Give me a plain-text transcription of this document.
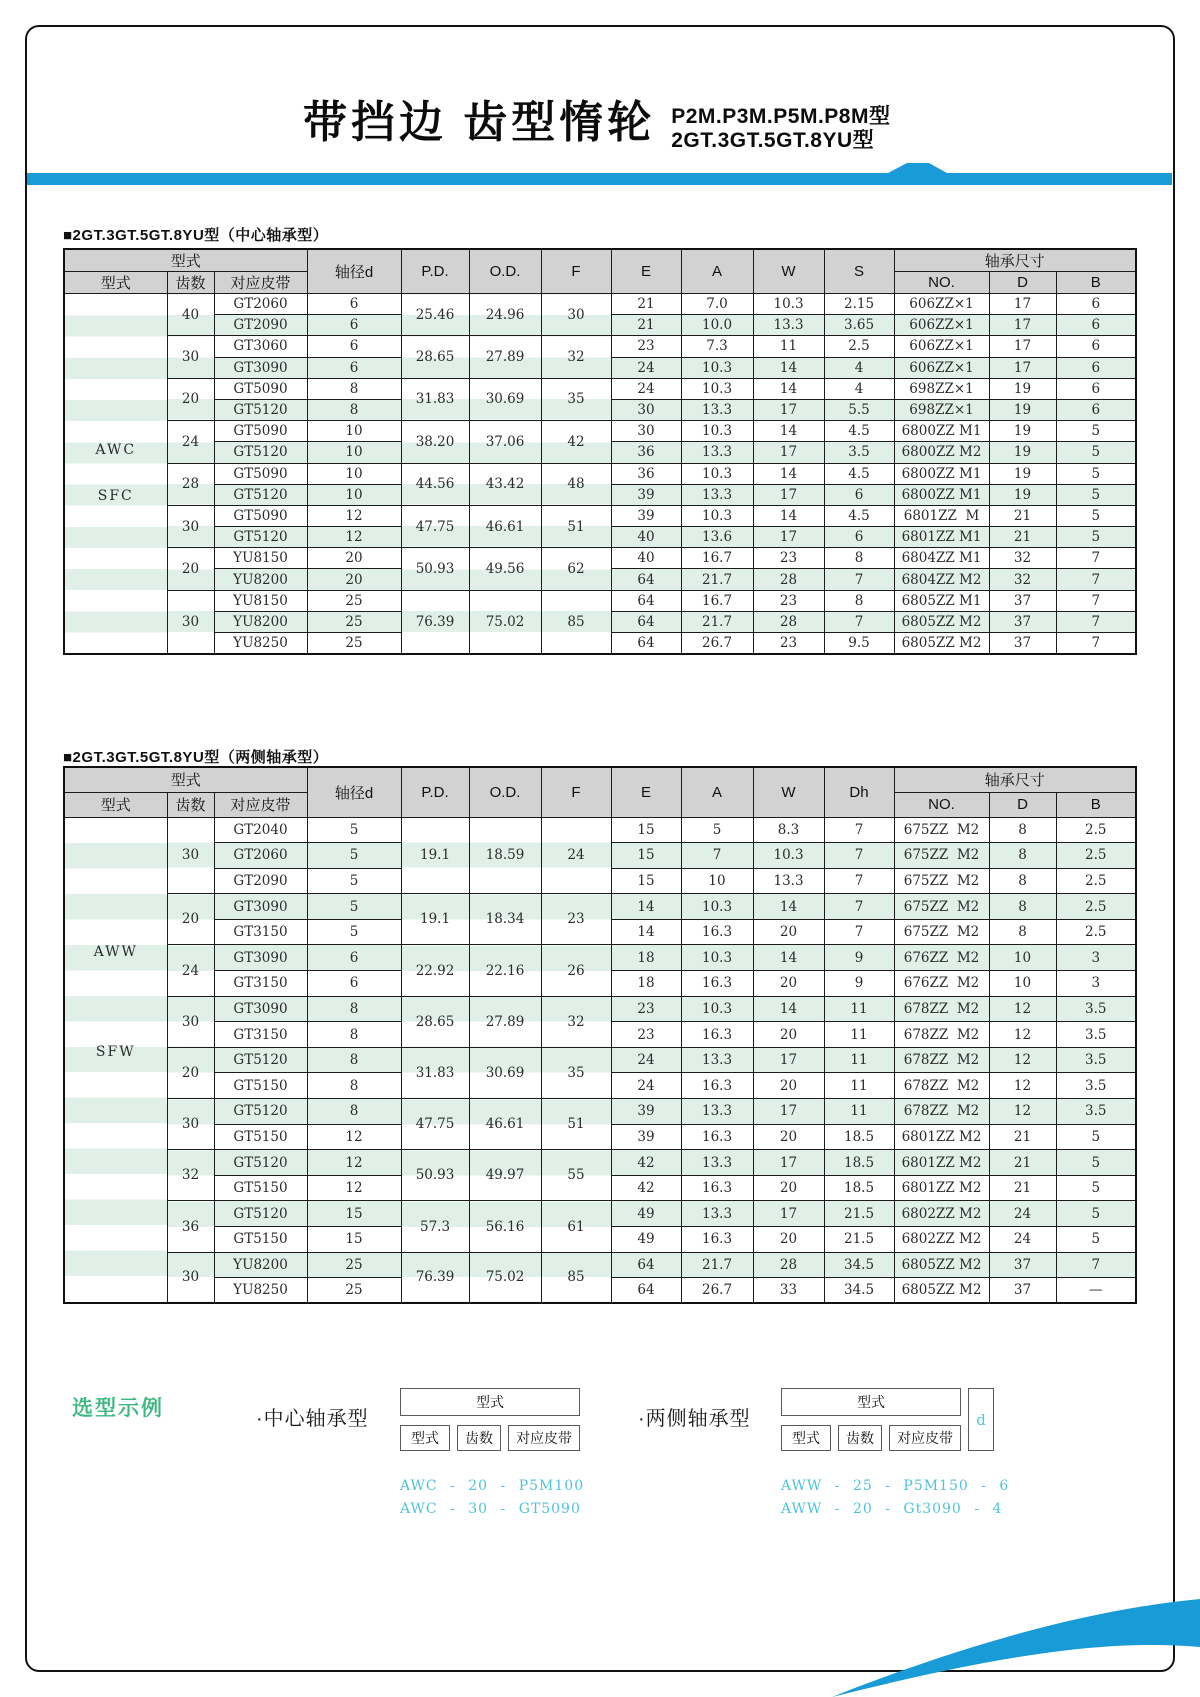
带挡边 齿型惰轮 P2M.P3M.P5M.P8M型
2GT.3GT.5GT.8YU型
■2GT.3GT.5GT.8YU型（中心轴承型）
型式			轴径d	P.D.	O.D.	F	E	A	W	S	轴承尺寸		
型式	齿数	对应皮带									NO.	D	B

AWC
SFC	40	GT2060	6	25.46	24.96	30	21	7.0	10.3	2.15	606ZZ×1	17	6
		GT2090	6				21	10.0	13.3	3.65	606ZZ×1	17	6
	30	GT3060	6	28.65	27.89	32	23	7.3	11	2.5	606ZZ×1	17	6
		GT3090	6				24	10.3	14	4	606ZZ×1	17	6
	20	GT5090	8	31.83	30.69	35	24	10.3	14	4	698ZZ×1	19	6
		GT5120	8				30	13.3	17	5.5	698ZZ×1	19	6
	24	GT5090	10	38.20	37.06	42	30	10.3	14	4.5	6800ZZ M1	19	5
		GT5120	10				36	13.3	17	3.5	6800ZZ M2	19	5
	28	GT5090	10	44.56	43.42	48	36	10.3	14	4.5	6800ZZ M1	19	5
		GT5120	10				39	13.3	17	6	6800ZZ M1	19	5
	30	GT5090	12	47.75	46.61	51	39	10.3	14	4.5	6801ZZ  M	21	5
		GT5120	12				40	13.6	17	6	6801ZZ M1	21	5
	20	YU8150	20	50.93	49.56	62	40	16.7	23	8	6804ZZ M1	32	7
		YU8200	20				64	21.7	28	7	6804ZZ M2	32	7
	30	YU8150	25	76.39	75.02	85	64	16.7	23	8	6805ZZ M1	37	7
		YU8200	25				64	21.7	28	7	6805ZZ M2	37	7
		YU8250	25				64	26.7	23	9.5	6805ZZ M2	37	7
■2GT.3GT.5GT.8YU型（两侧轴承型）
型式			轴径d	P.D.	O.D.	F	E	A	W	Dh	轴承尺寸		
型式	齿数	对应皮带									NO.	D	B

AWW
SFW	30	GT2040	5	19.1	18.59	24	15	5	8.3	7	675ZZ  M2	8	2.5
		GT2060	5				15	7	10.3	7	675ZZ  M2	8	2.5
		GT2090	5				15	10	13.3	7	675ZZ  M2	8	2.5
	20	GT3090	5	19.1	18.34	23	14	10.3	14	7	675ZZ  M2	8	2.5
		GT3150	5				14	16.3	20	7	675ZZ  M2	8	2.5
	24	GT3090	6	22.92	22.16	26	18	10.3	14	9	676ZZ  M2	10	3
		GT3150	6				18	16.3	20	9	676ZZ  M2	10	3
	30	GT3090	8	28.65	27.89	32	23	10.3	14	11	678ZZ  M2	12	3.5
		GT3150	8				23	16.3	20	11	678ZZ  M2	12	3.5
	20	GT5120	8	31.83	30.69	35	24	13.3	17	11	678ZZ  M2	12	3.5
		GT5150	8				24	16.3	20	11	678ZZ  M2	12	3.5
	30	GT5120	8	47.75	46.61	51	39	13.3	17	11	678ZZ  M2	12	3.5
		GT5150	12				39	16.3	20	18.5	6801ZZ M2	21	5
	32	GT5120	12	50.93	49.97	55	42	13.3	17	18.5	6801ZZ M2	21	5
		GT5150	12				42	16.3	20	18.5	6801ZZ M2	21	5
	36	GT5120	15	57.3	56.16	61	49	13.3	17	21.5	6802ZZ M2	24	5
		GT5150	15				49	16.3	20	21.5	6802ZZ M2	24	5
	30	YU8200	25	76.39	75.02	85	64	21.7	28	34.5	6805ZZ M2	37	7
		YU8250	25				64	26.7	33	34.5	6805ZZ M2	37	—
选型示例	·中心轴承型
型式
型式	齿数	对应皮带
AWC - 20 - P5M100
AWC - 30 - GT5090
·两侧轴承型
型式
型式	齿数	对应皮带
d
AWW - 25 - P5M150 - 6
AWW - 20 - Gt3090 - 4
